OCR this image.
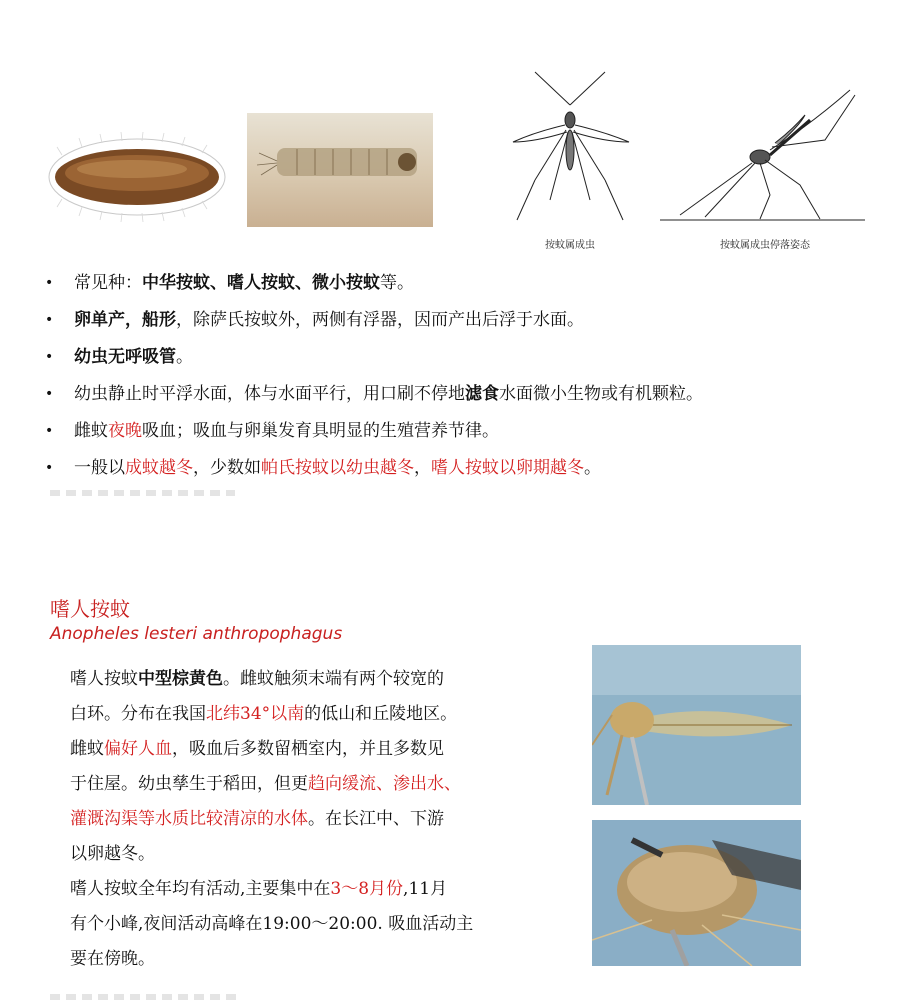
按蚊属成虫	按蚊属成虫停落姿态
• 常见种：中华按蚊、嗜人按蚊、微小按蚊等。
• 卵单产，船形，除萨氏按蚊外，两侧有浮器，因而产出后浮于水面。
• 幼虫无呼吸管。
• 幼虫静止时平浮水面，体与水面平行，用口刷不停地滤食水面微小生物或有机颗粒。
• 雌蚊夜晚吸血；吸血与卵巢发育具明显的生殖营养节律。
• 一般以成蚊越冬，少数如帕氏按蚊以幼虫越冬，嗜人按蚊以卵期越冬。
嗜人按蚊
Anopheles lesteri anthropophagus

嗜人按蚊中型棕黄色。雌蚊触须末端有两个较宽的

白环。分布在我国北纬34°以南的低山和丘陵地区。

雌蚊偏好人血，吸血后多数留栖室内，并且多数见

于住屋。幼虫孳生于稻田，但更趋向缓流、渗出水、

灌溉沟渠等水质比较清凉的水体。在长江中、下游

以卵越冬。

嗜人按蚊全年均有活动,主要集中在3～8月份,11月

有个小峰,夜间活动高峰在19:00～20:00. 吸血活动主

要在傍晚。
